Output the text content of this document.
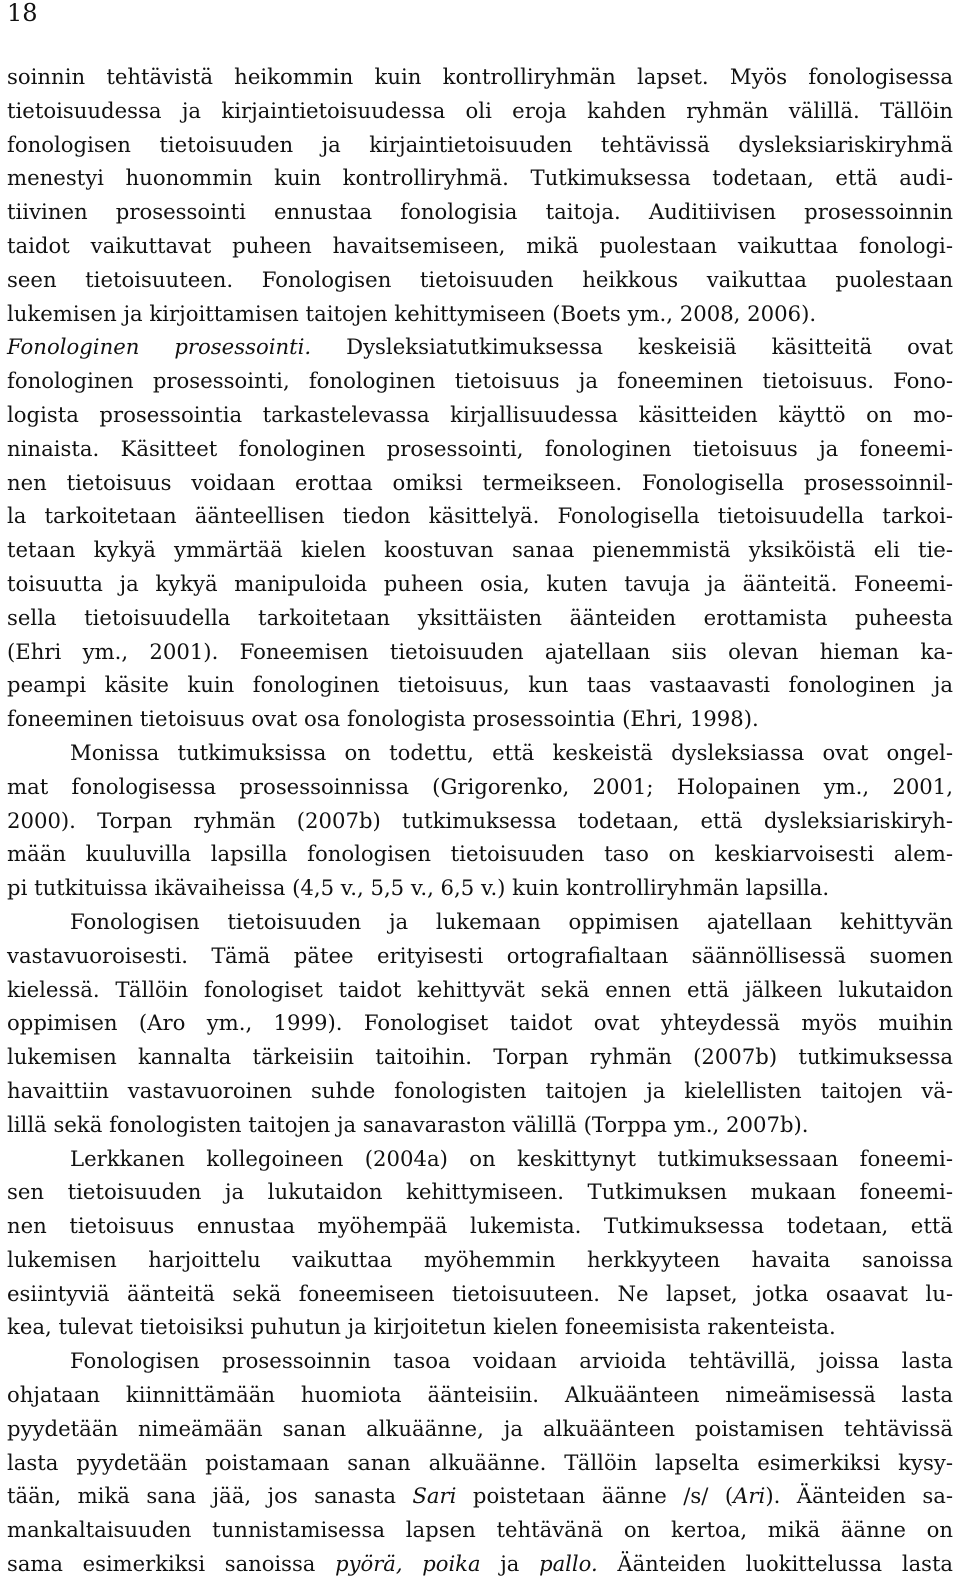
18
soinnin tehtävistä heikommin kuin kontrolliryhmän lapset. Myös fonologisessa
tietoisuudessa ja kirjaintietoisuudessa oli eroja kahden ryhmän välillä. Tällöin
fonologisen tietoisuuden ja kirjaintietoisuuden tehtävissä dysleksiariskiryhmä
menestyi huonommin kuin kontrolliryhmä. Tutkimuksessa todetaan, että audi-
tiivinen prosessointi ennustaa fonologisia taitoja. Auditiivisen prosessoinnin
taidot vaikuttavat puheen havaitsemiseen, mikä puolestaan vaikuttaa fonologi-
seen tietoisuuteen. Fonologisen tietoisuuden heikkous vaikuttaa puolestaan
lukemisen ja kirjoittamisen taitojen kehittymiseen (Boets ym., 2008, 2006).
Fonologinen prosessointi. Dysleksiatutkimuksessa keskeisiä käsitteitä ovat
fonologinen prosessointi, fonologinen tietoisuus ja foneeminen tietoisuus. Fono-
logista prosessointia tarkastelevassa kirjallisuudessa käsitteiden käyttö on mo-
ninaista. Käsitteet fonologinen prosessointi, fonologinen tietoisuus ja foneemi-
nen tietoisuus voidaan erottaa omiksi termeikseen. Fonologisella prosessoinnil-
la tarkoitetaan äänteellisen tiedon käsittelyä. Fonologisella tietoisuudella tarkoi-
tetaan kykyä ymmärtää kielen koostuvan sanaa pienemmistä yksiköistä eli tie-
toisuutta ja kykyä manipuloida puheen osia, kuten tavuja ja äänteitä. Foneemi-
sella tietoisuudella tarkoitetaan yksittäisten äänteiden erottamista puheesta
(Ehri ym., 2001). Foneemisen tietoisuuden ajatellaan siis olevan hieman ka-
peampi käsite kuin fonologinen tietoisuus, kun taas vastaavasti fonologinen ja
foneeminen tietoisuus ovat osa fonologista prosessointia (Ehri, 1998).
Monissa tutkimuksissa on todettu, että keskeistä dysleksiassa ovat ongel-
mat fonologisessa prosessoinnissa (Grigorenko, 2001; Holopainen ym., 2001,
2000). Torpan ryhmän (2007b) tutkimuksessa todetaan, että dysleksiariskiryh-
mään kuuluvilla lapsilla fonologisen tietoisuuden taso on keskiarvoisesti alem-
pi tutkituissa ikävaiheissa (4,5 v., 5,5 v., 6,5 v.) kuin kontrolliryhmän lapsilla.
Fonologisen tietoisuuden ja lukemaan oppimisen ajatellaan kehittyvän
vastavuoroisesti. Tämä pätee erityisesti ortografialtaan säännöllisessä suomen
kielessä. Tällöin fonologiset taidot kehittyvät sekä ennen että jälkeen lukutaidon
oppimisen (Aro ym., 1999). Fonologiset taidot ovat yhteydessä myös muihin
lukemisen kannalta tärkeisiin taitoihin. Torpan ryhmän (2007b) tutkimuksessa
havaittiin vastavuoroinen suhde fonologisten taitojen ja kielellisten taitojen vä-
lillä sekä fonologisten taitojen ja sanavaraston välillä (Torppa ym., 2007b).
Lerkkanen kollegoineen (2004a) on keskittynyt tutkimuksessaan foneemi-
sen tietoisuuden ja lukutaidon kehittymiseen. Tutkimuksen mukaan foneemi-
nen tietoisuus ennustaa myöhempää lukemista. Tutkimuksessa todetaan, että
lukemisen harjoittelu vaikuttaa myöhemmin herkkyyteen havaita sanoissa
esiintyviä äänteitä sekä foneemiseen tietoisuuteen. Ne lapset, jotka osaavat lu-
kea, tulevat tietoisiksi puhutun ja kirjoitetun kielen foneemisista rakenteista.
Fonologisen prosessoinnin tasoa voidaan arvioida tehtävillä, joissa lasta
ohjataan kiinnittämään huomiota äänteisiin. Alkuäänteen nimeämisessä lasta
pyydetään nimeämään sanan alkuäänne, ja alkuäänteen poistamisen tehtävissä
lasta pyydetään poistamaan sanan alkuäänne. Tällöin lapselta esimerkiksi kysy-
tään, mikä sana jää, jos sanasta Sari poistetaan äänne /s/ (Ari). Äänteiden sa-
mankaltaisuuden tunnistamisessa lapsen tehtävänä on kertoa, mikä äänne on
sama esimerkiksi sanoissa pyörä, poika ja pallo. Äänteiden luokittelussa lasta
